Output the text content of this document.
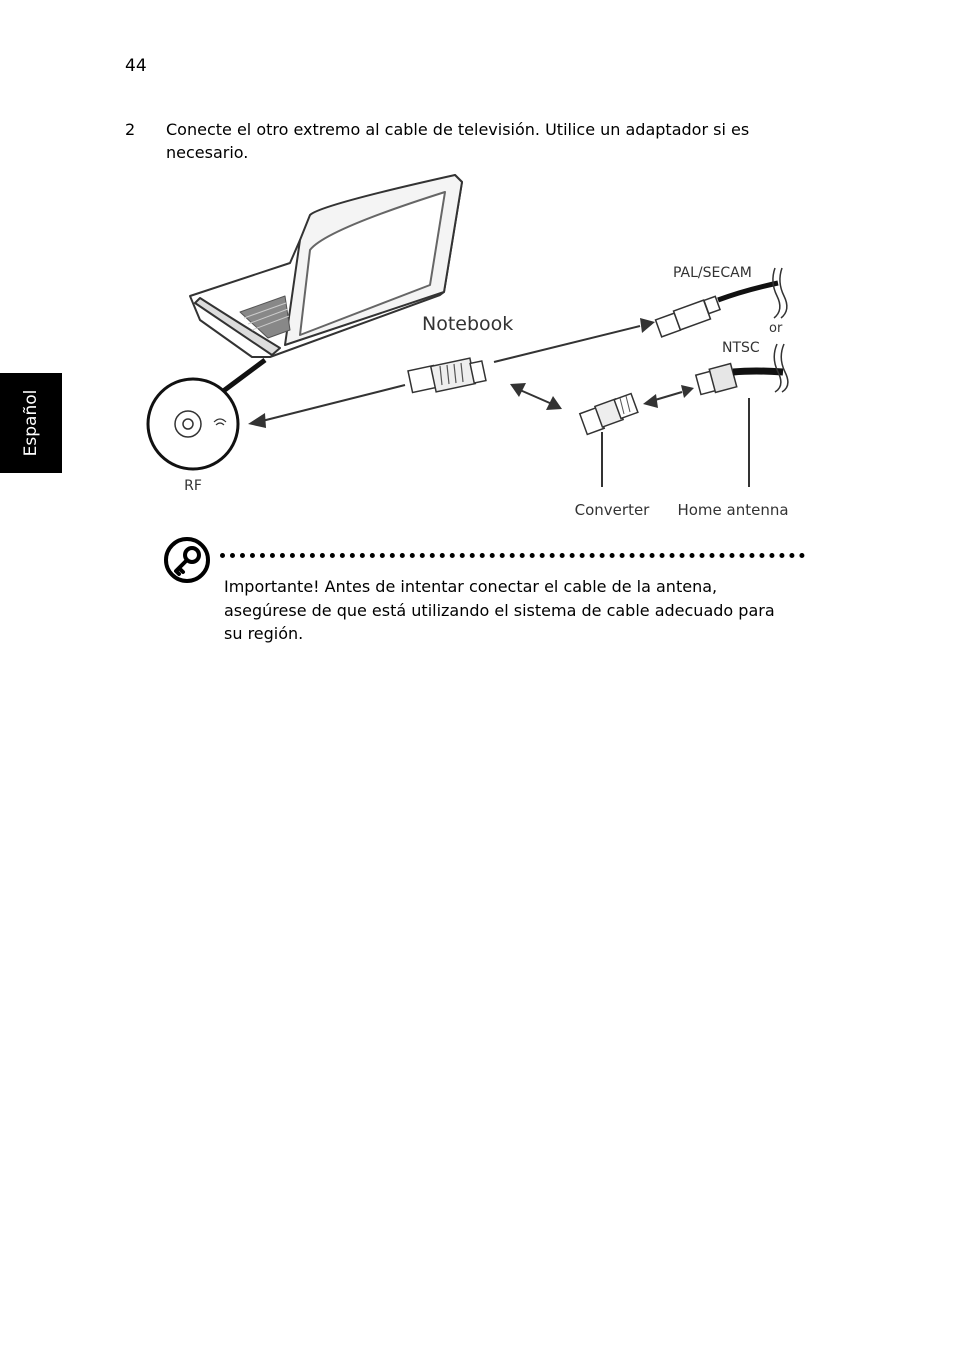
44
2 Conecte el otro extremo al cable de televisión. Utilice un adaptador si es necesario.
Español
RF
Notebook
PAL/SECAM
or
NTSC
Converter Home antenna
Importante! Antes de intentar conectar el cable de la antena, asegúrese de que está utilizando el sistema de cable adecuado para su región.
